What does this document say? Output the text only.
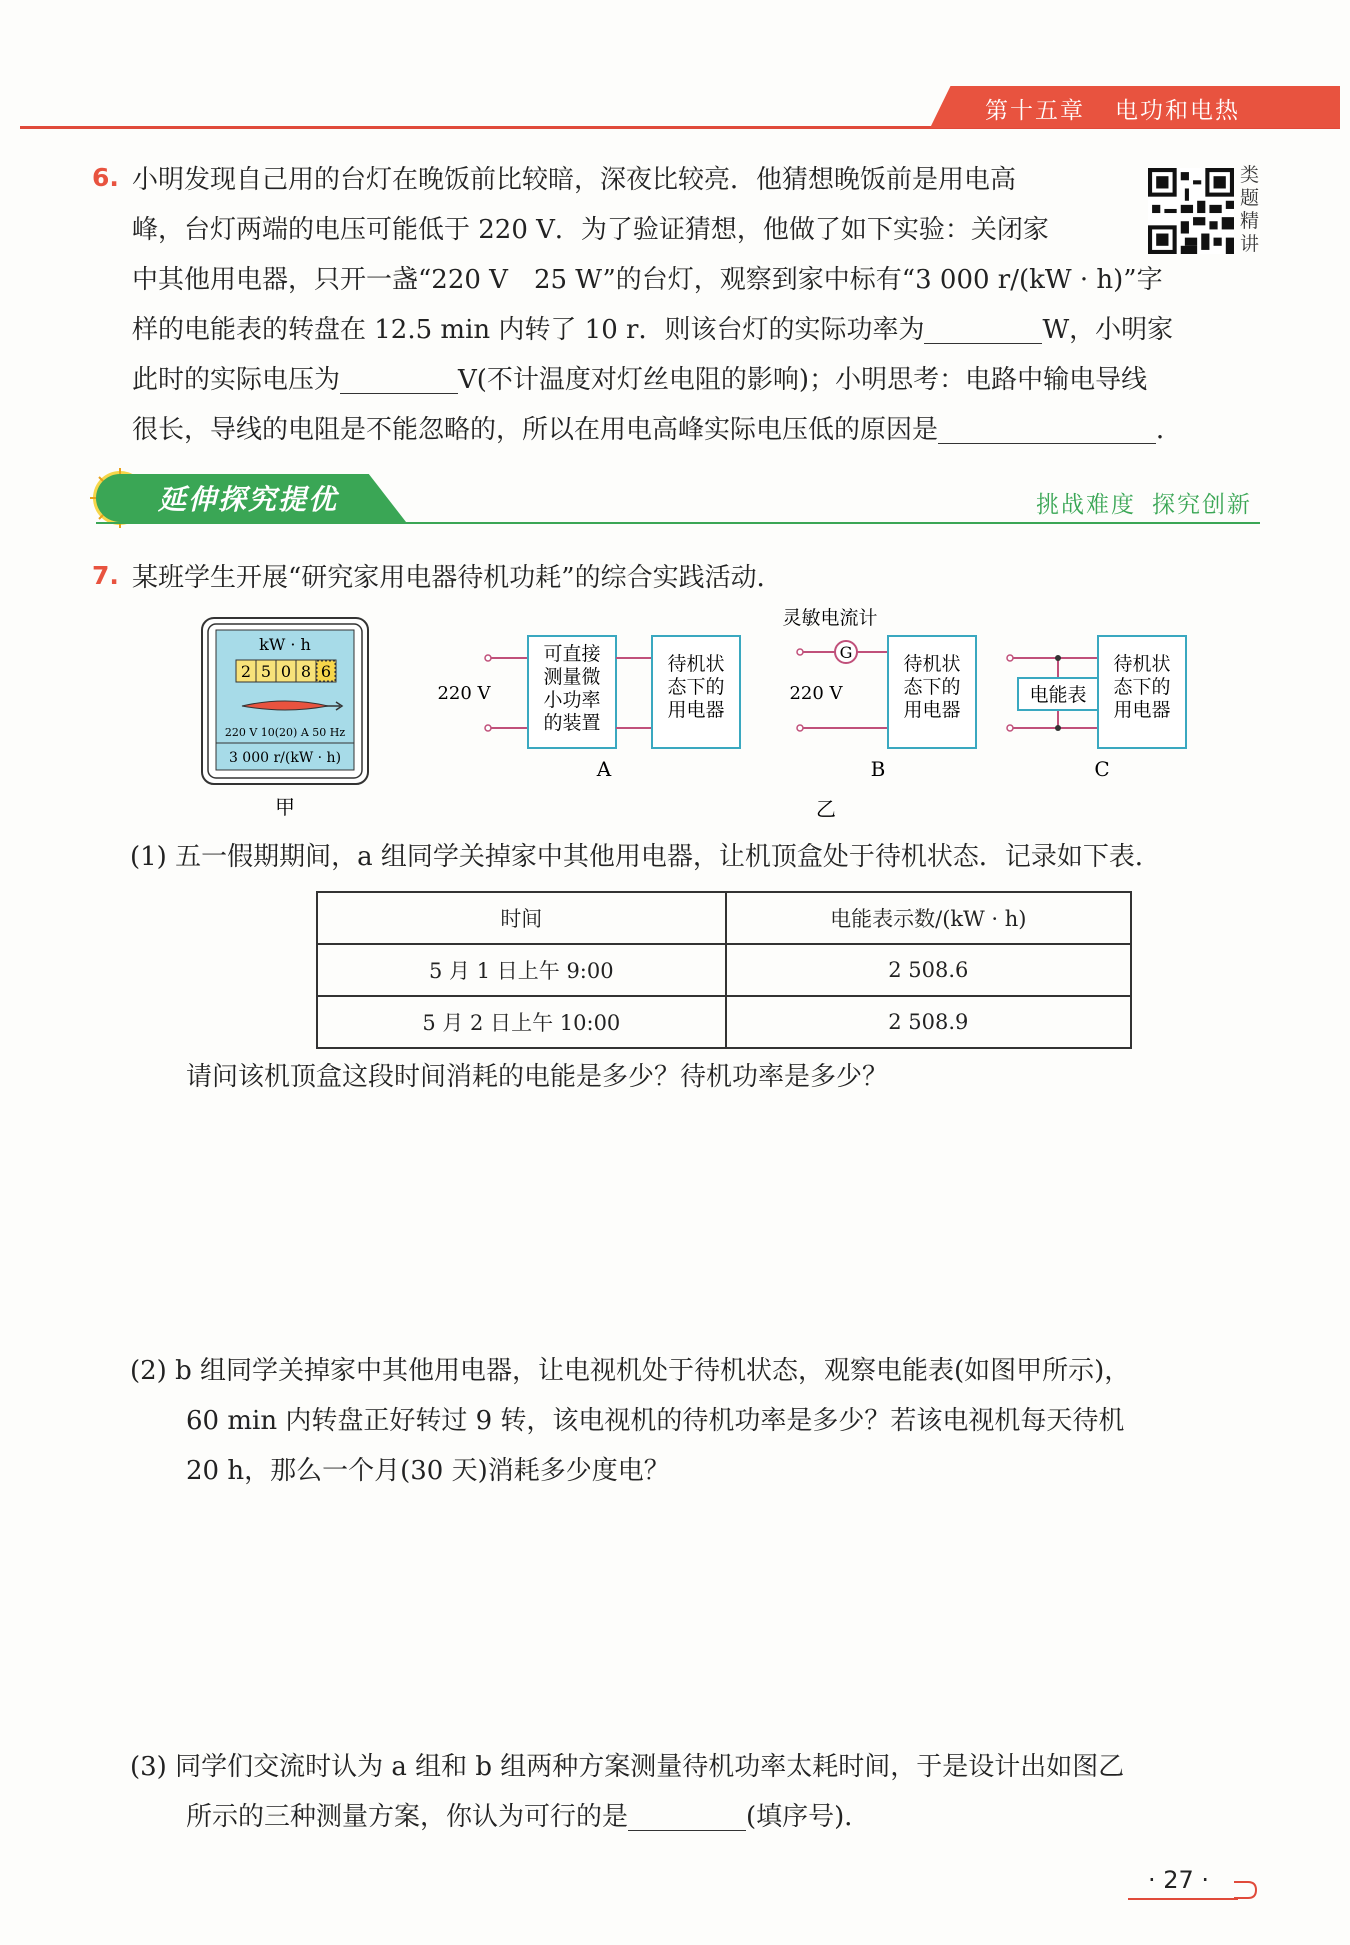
第十五章 电功和电热
6. 小明发现自己用的台灯在晚饭前比较暗，深夜比较亮．他猜想晚饭前是用电高
峰，台灯两端的电压可能低于 220 V．为了验证猜想，他做了如下实验：关闭家
中其他用电器，只开一盏“220 V　25 W”的台灯，观察到家中标有“3 000 r/(kW · h)”字
样的电能表的转盘在 12.5 min 内转了 10 r．则该台灯的实际功率为	W，小明家
此时的实际电压为	V(不计温度对灯丝电阻的影响)；小明思考：电路中输电导线
很长，导线的电阻是不能忽略的，所以在用电高峰实际电压低的原因是	．
类题精讲
延伸探究提优	挑战难度 探究创新
7. 某班学生开展“研究家用电器待机功耗”的综合实践活动．
kW · h
2 5 0 8 6
220 V 10(20) A 50 Hz
3 000 r/(kW · h)
甲
220 V
可直接
测量微
小功率
的装置
待机状
态下的
用电器
A
灵敏电流计
G
220 V
待机状
态下的
用电器
B
电能表
待机状
态下的
用电器
C
乙
(1) 五一假期期间，a 组同学关掉家中其他用电器，让机顶盒处于待机状态．记录如下表．
时间	电能表示数/(kW · h)
5 月 1 日上午 9:00	2 508.6
5 月 2 日上午 10:00	2 508.9
请问该机顶盒这段时间消耗的电能是多少？待机功率是多少？
(2) b 组同学关掉家中其他用电器，让电视机处于待机状态，观察电能表(如图甲所示)，
60 min 内转盘正好转过 9 转，该电视机的待机功率是多少？若该电视机每天待机
20 h，那么一个月(30 天)消耗多少度电？
(3) 同学们交流时认为 a 组和 b 组两种方案测量待机功率太耗时间，于是设计出如图乙
所示的三种测量方案，你认为可行的是	(填序号)．
· 27 ·
